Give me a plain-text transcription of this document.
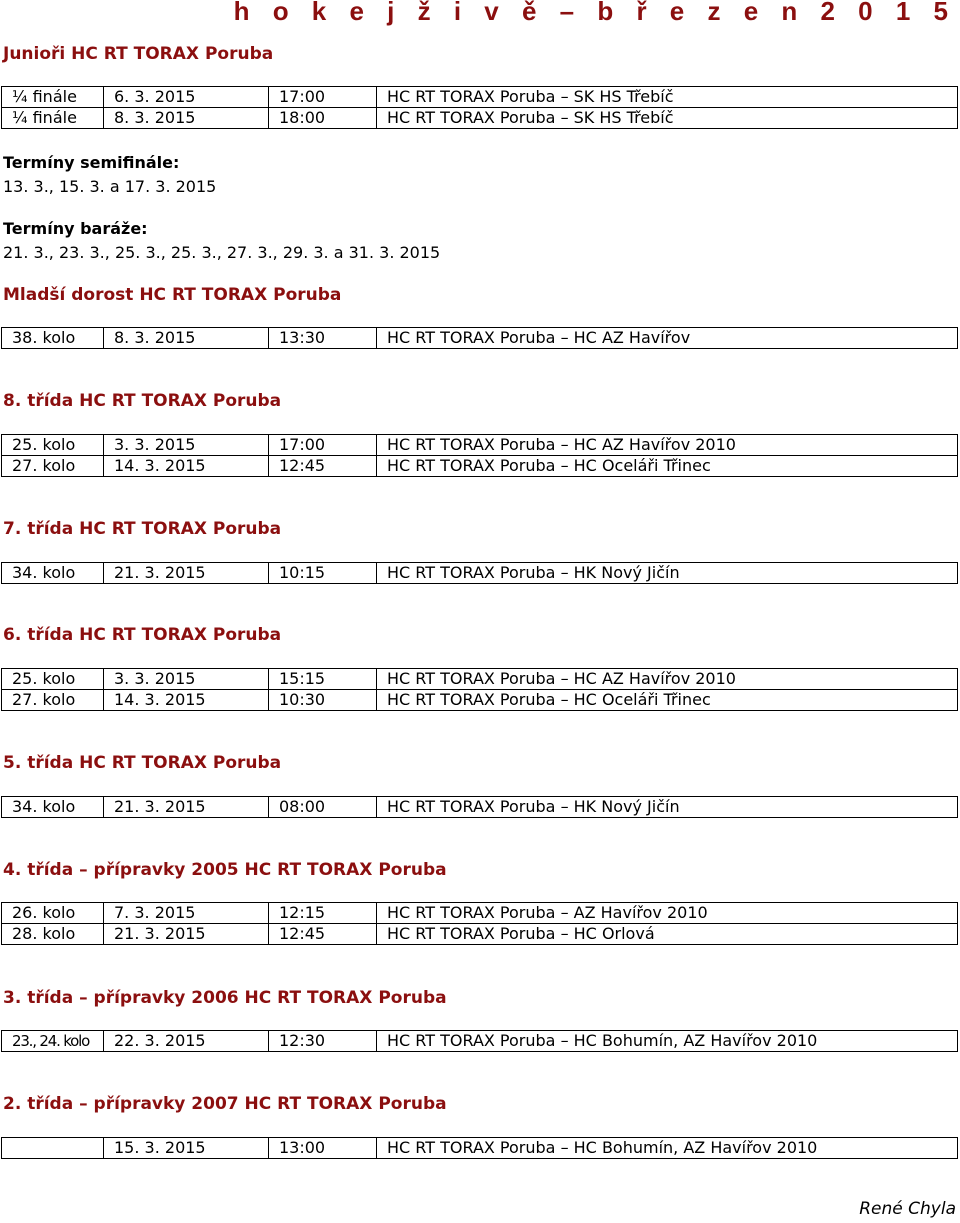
h o k e j ž i v ě – b ř e z e n 2 0 1 5
Junioři HC RT TORAX Poruba
¼ finále	6. 3. 2015	17:00	HC RT TORAX Poruba – SK HS Třebíč
¼ finále	8. 3. 2015	18:00	HC RT TORAX Poruba – SK HS Třebíč
Termíny semifinále:
13. 3., 15. 3. a 17. 3. 2015
Termíny baráže:
21. 3., 23. 3., 25. 3., 25. 3., 27. 3., 29. 3. a 31. 3. 2015
Mladší dorost HC RT TORAX Poruba
38. kolo	8. 3. 2015	13:30	HC RT TORAX Poruba – HC AZ Havířov
8. třída HC RT TORAX Poruba
25. kolo	3. 3. 2015	17:00	HC RT TORAX Poruba – HC AZ Havířov 2010
27. kolo	14. 3. 2015	12:45	HC RT TORAX Poruba – HC Oceláři Třinec
7. třída HC RT TORAX Poruba
34. kolo	21. 3. 2015	10:15	HC RT TORAX Poruba – HK Nový Jičín
6. třída HC RT TORAX Poruba
25. kolo	3. 3. 2015	15:15	HC RT TORAX Poruba – HC AZ Havířov 2010
27. kolo	14. 3. 2015	10:30	HC RT TORAX Poruba – HC Oceláři Třinec
5. třída HC RT TORAX Poruba
34. kolo	21. 3. 2015	08:00	HC RT TORAX Poruba – HK Nový Jičín
4. třída – přípravky 2005 HC RT TORAX Poruba
26. kolo	7. 3. 2015	12:15	HC RT TORAX Poruba – AZ Havířov 2010
28. kolo	21. 3. 2015	12:45	HC RT TORAX Poruba – HC Orlová
3. třída – přípravky 2006 HC RT TORAX Poruba
23., 24. kolo	22. 3. 2015	12:30	HC RT TORAX Poruba – HC Bohumín, AZ Havířov 2010
2. třída – přípravky 2007 HC RT TORAX Poruba
	15. 3. 2015	13:00	HC RT TORAX Poruba – HC Bohumín, AZ Havířov 2010
René Chyla
